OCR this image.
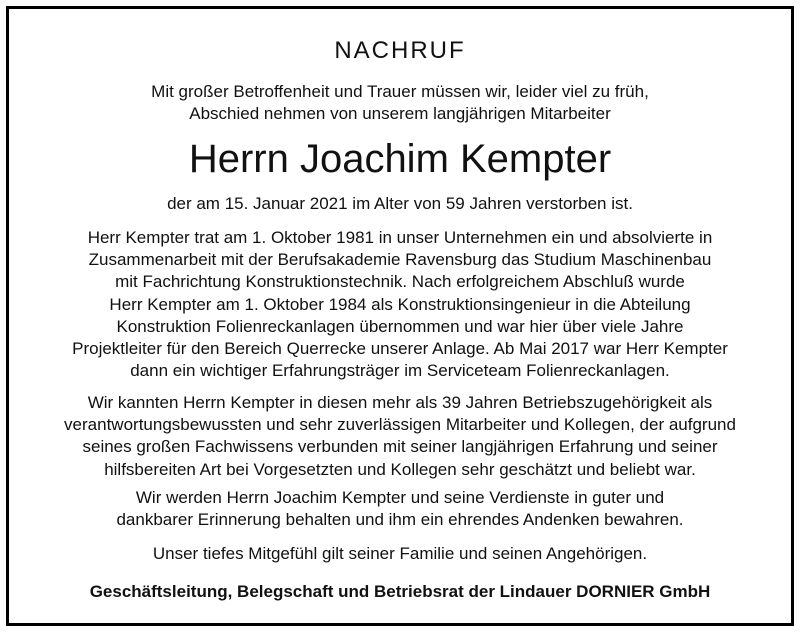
NACHRUF
Mit großer Betroffenheit und Trauer müssen wir, leider viel zu früh,
Abschied nehmen von unserem langjährigen Mitarbeiter
Herrn Joachim Kempter
der am 15. Januar 2021 im Alter von 59 Jahren verstorben ist.
Herr Kempter trat am 1. Oktober 1981 in unser Unternehmen ein und absolvierte in
Zusammenarbeit mit der Berufsakademie Ravensburg das Studium Maschinenbau
mit Fachrichtung Konstruktionstechnik. Nach erfolgreichem Abschluß wurde
Herr Kempter am 1. Oktober 1984 als Konstruktionsingenieur in die Abteilung
Konstruktion Folienreckanlagen übernommen und war hier über viele Jahre
Projektleiter für den Bereich Querrecke unserer Anlage. Ab Mai 2017 war Herr Kempter
dann ein wichtiger Erfahrungsträger im Serviceteam Folienreckanlagen.
Wir kannten Herrn Kempter in diesen mehr als 39 Jahren Betriebszugehörigkeit als
verantwortungsbewussten und sehr zuverlässigen Mitarbeiter und Kollegen, der aufgrund
seines großen Fachwissens verbunden mit seiner langjährigen Erfahrung und seiner
hilfsbereiten Art bei Vorgesetzten und Kollegen sehr geschätzt und beliebt war.
Wir werden Herrn Joachim Kempter und seine Verdienste in guter und
dankbarer Erinnerung behalten und ihm ein ehrendes Andenken bewahren.
Unser tiefes Mitgefühl gilt seiner Familie und seinen Angehörigen.
Geschäftsleitung, Belegschaft und Betriebsrat der Lindauer DORNIER GmbH
